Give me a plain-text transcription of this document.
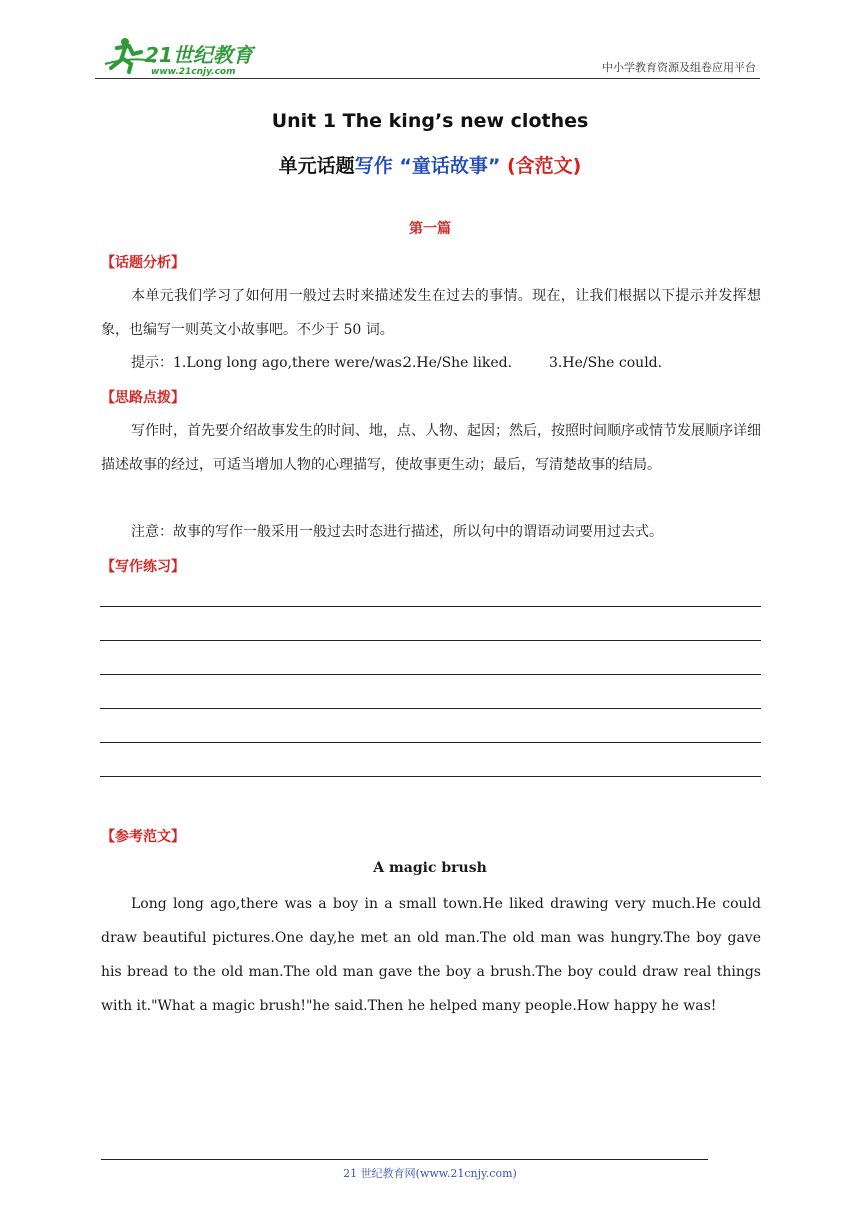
21世纪教育
www.21cnjy.com	中小学教育资源及组卷应用平台
Unit 1 The king’s new clothes
单元话题写作 “童话故事” (含范文)
第一篇
【话题分析】
本单元我们学习了如何用一般过去时来描述发生在过去的事情。现在，让我们根据以下提示并发挥想象，也编写一则英文小故事吧。不少于 50 词。
提示：1.Long long ago,there were/was.2.He/She liked.	3.He/She could.
【思路点拨】
写作时，首先要介绍故事发生的时间、地，点、人物、起因；然后，按照时间顺序或情节发展顺序详细描述故事的经过，可适当增加人物的心理描写，使故事更生动；最后，写清楚故事的结局。
注意：故事的写作一般采用一般过去时态进行描述，所以句中的谓语动词要用过去式。
【写作练习】
【参考范文】
A magic brush
Long long ago,there was a boy in a small town.He liked drawing very much.He could draw beautiful pictures.One day,he met an old man.The old man was hungry.The boy gave his bread to the old man.The old man gave the boy a brush.The boy could draw real things with it."What a magic brush!"he said.Then he helped many people.How happy he was!
21 世纪教育网(www.21cnjy.com)
